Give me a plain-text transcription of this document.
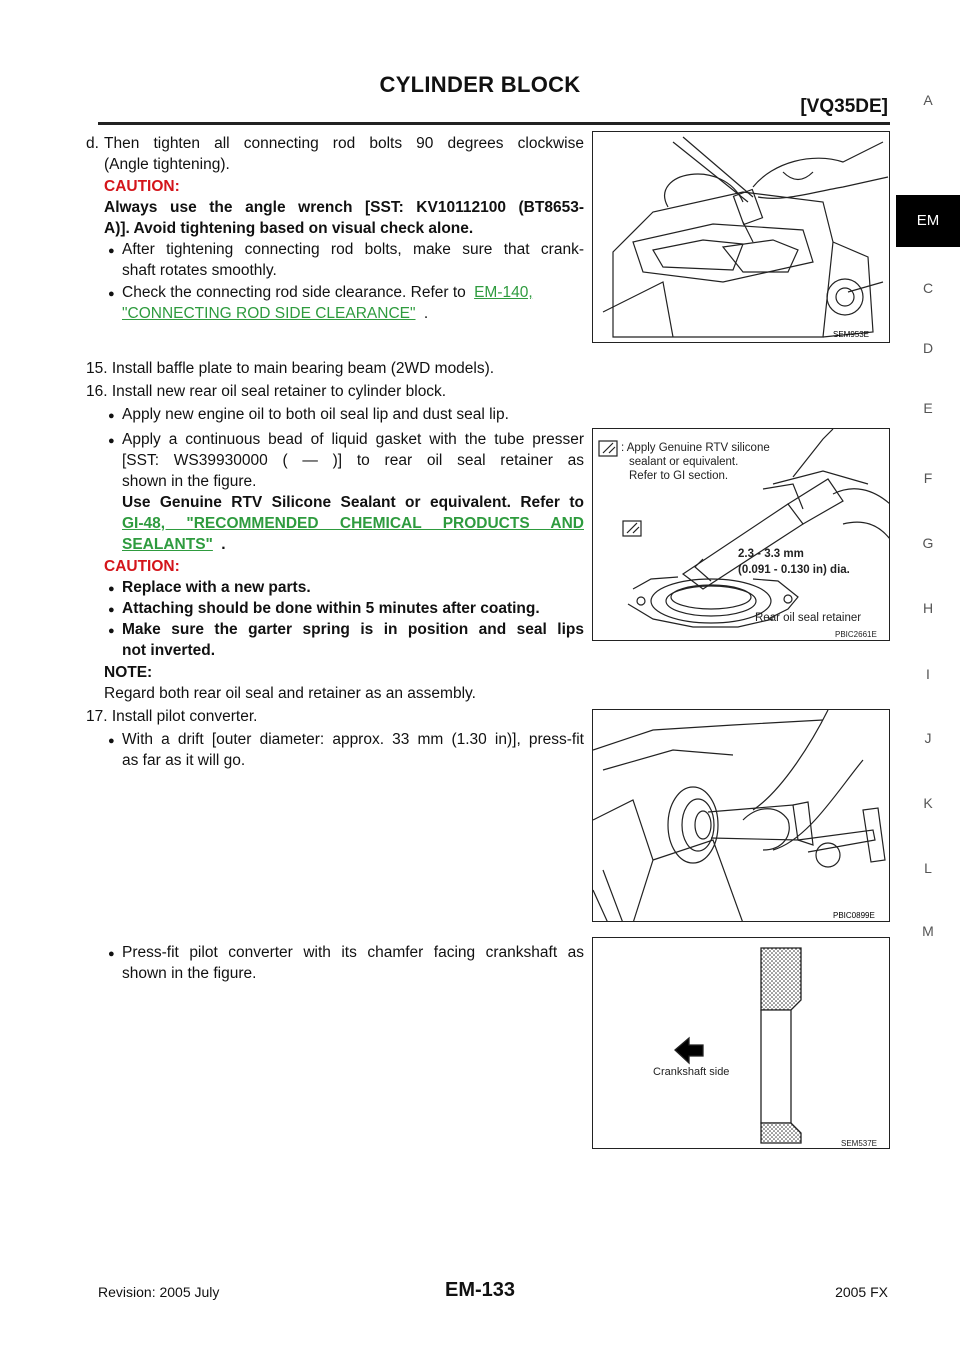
CYLINDER BLOCK
[VQ35DE]	A
EM
C
D
E
F
G
H
I
J
K
L
M
d. Then tighten all connecting rod bolts 90 degrees clockwise
(Angle tightening).
CAUTION:
Always use the angle wrench [SST: KV10112100 (BT8653-
A)]. Avoid tightening based on visual check alone.
● After tightening connecting rod bolts, make sure that crank-
shaft rotates smoothly.
● Check the connecting rod side clearance. Refer to EM-140,
"CONNECTING ROD SIDE CLEARANCE" .
SEM953E
15. Install baffle plate to main bearing beam (2WD models).
16. Install new rear oil seal retainer to cylinder block.
● Apply new engine oil to both oil seal lip and dust seal lip.
● Apply a continuous bead of liquid gasket with the tube presser
[SST: WS39930000 ( — )] to rear oil seal retainer as
shown in the figure.
Use Genuine RTV Silicone Sealant or equivalent. Refer to
GI-48, "RECOMMENDED CHEMICAL PRODUCTS AND
SEALANTS" .
CAUTION:
● Replace with a new parts.
● Attaching should be done within 5 minutes after coating.
● Make sure the garter spring is in position and seal lips
not inverted.
NOTE:
Regard both rear oil seal and retainer as an assembly.
: Apply Genuine RTV silicone
sealant or equivalent.
Refer to GI section.
2.3 - 3.3 mm
(0.091 - 0.130 in) dia.
Rear oil seal retainer
PBIC2661E
17. Install pilot converter.
● With a drift [outer diameter: approx. 33 mm (1.30 in)], press-fit
as far as it will go.
● Press-fit pilot converter with its chamfer facing crankshaft as
shown in the figure.
PBIC0899E
Crankshaft side
SEM537E
Revision: 2005 July	EM-133	2005 FX
